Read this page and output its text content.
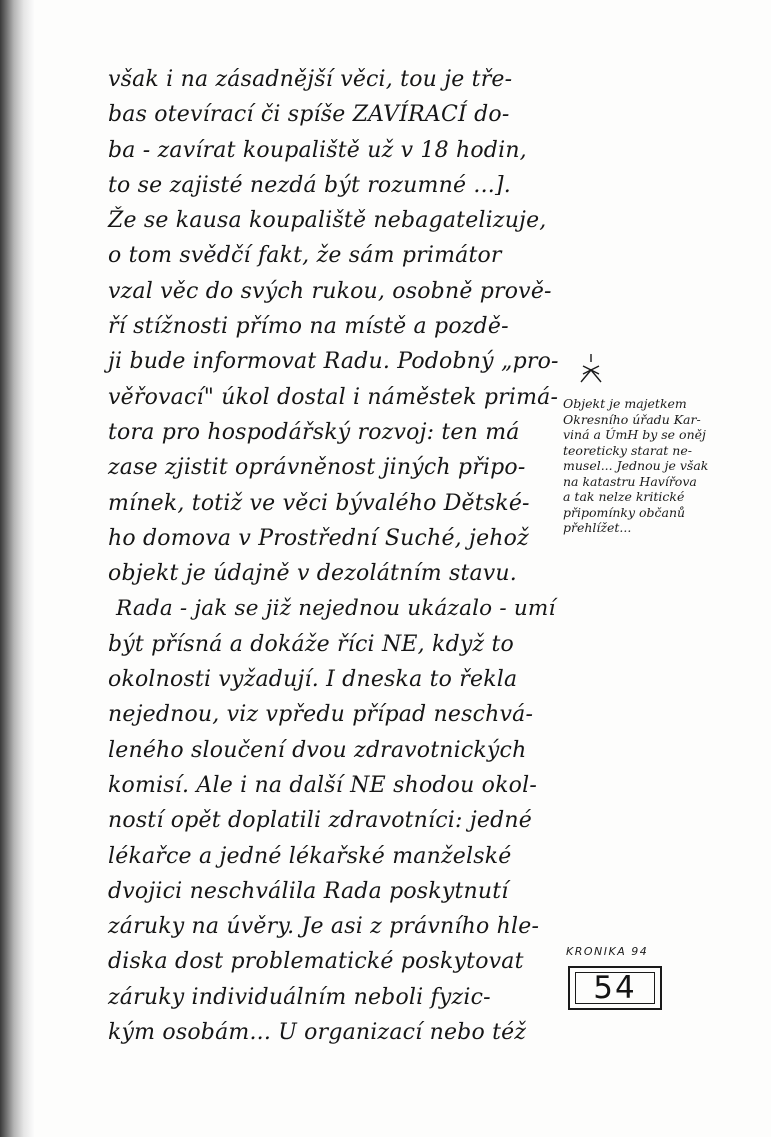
však i na zásadnější věci, tou je tře-
bas otevírací či spíše ZAVÍRACÍ do-
ba - zavírat koupaliště už v 18 hodin,
to se zajisté nezdá být rozumné ...].
Že se kausa koupaliště nebagatelizuje,
o tom svědčí fakt, že sám primátor
vzal věc do svých rukou, osobně prově-
ří stížnosti přímo na místě a pozdě-
ji bude informovat Radu. Podobný „pro-
věřovací" úkol dostal i náměstek primá-
tora pro hospodářský rozvoj: ten má
zase zjistit oprávněnost jiných připo-
mínek, totiž ve věci bývalého Dětské-
ho domova v Prostřední Suché, jehož
objekt je údajně v dezolátním stavu.
Rada - jak se již nejednou ukázalo - umí
být přísná a dokáže říci NE, když to
okolnosti vyžadují. I dneska to řekla
nejednou, viz vpředu případ neschvá-
leného sloučení dvou zdravotnických
komisí. Ale i na další NE shodou okol-
ností opět doplatili zdravotníci: jedné
lékařce a jedné lékařské manželské
dvojici neschválila Rada poskytnutí
záruky na úvěry. Je asi z právního hle-
diska dost problematické poskytovat
záruky individuálním neboli fyzic-
kým osobám... U organizací nebo též
Objekt je majetkem
Okresního úřadu Kar-
viná a ÚmH by se oněj
teoreticky starat ne-
musel... Jednou je však
na katastru Havířova
a tak nelze kritické
připomínky občanů
přehlížet...
KRONIKA 94
54
